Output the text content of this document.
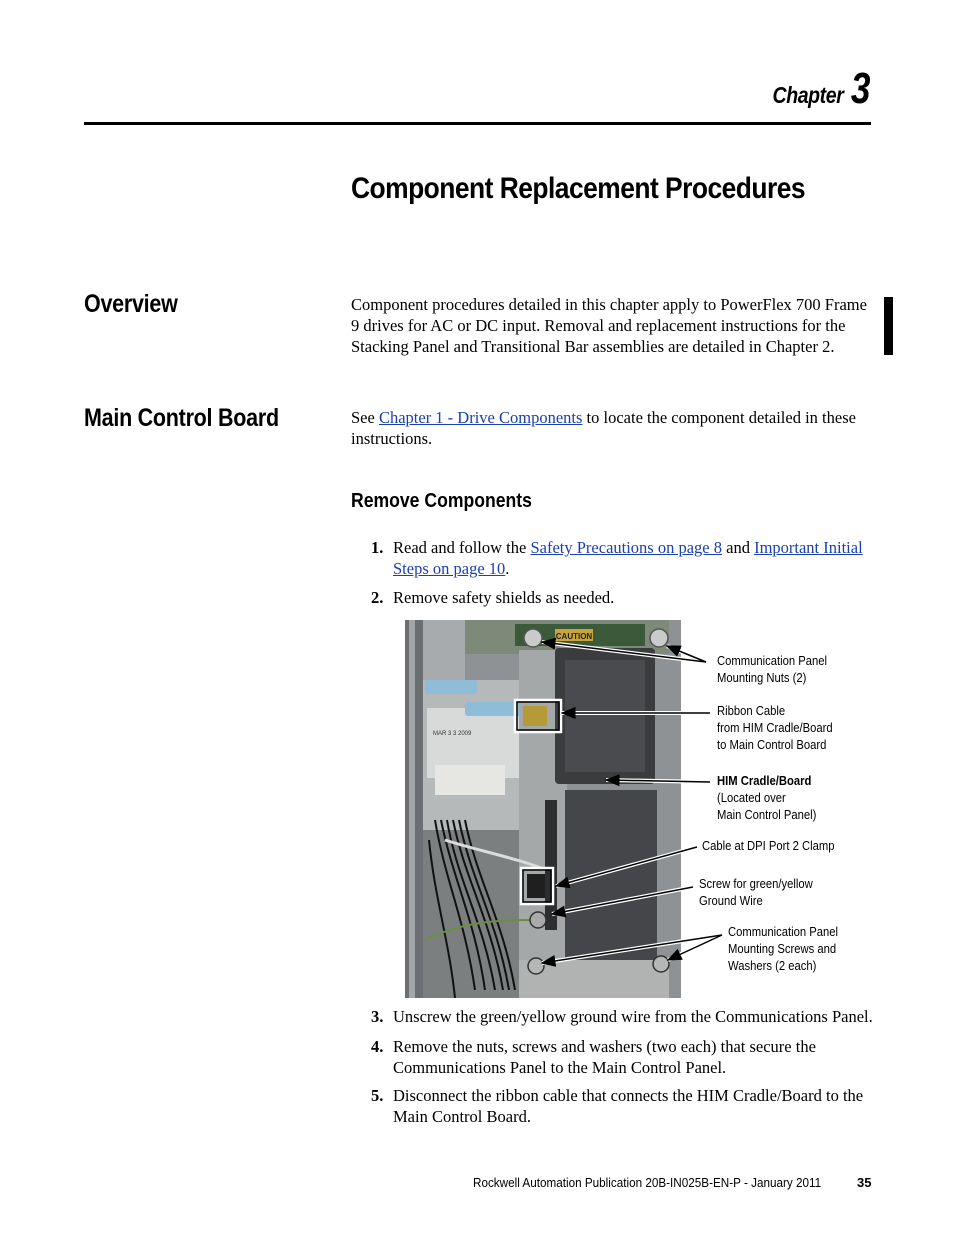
Chapter 3
Component Replacement Procedures
Overview	Component procedures detailed in this chapter apply to PowerFlex 700 Frame 9 drives for AC or DC input. Removal and replacement instructions for the Stacking Panel and Transitional Bar assemblies are detailed in Chapter 2.
Main Control Board	See Chapter 1 - Drive Components to locate the component detailed in these instructions.
Remove Components
1. Read and follow the Safety Precautions on page 8 and Important Initial Steps on page 10.
2. Remove safety shields as needed.
CAUTION
MAR 3 3 2009
Communication Panel
Mounting Nuts (2)
Ribbon Cable
from HIM Cradle/Board
to Main Control Board
HIM Cradle/Board
(Located over
Main Control Panel)
Cable at DPI Port 2 Clamp
Screw for green/yellow
Ground Wire
Communication Panel
Mounting Screws and
Washers (2 each)
3. Unscrew the green/yellow ground wire from the Communications Panel.
4. Remove the nuts, screws and washers (two each) that secure the Communications Panel to the Main Control Panel.
5. Disconnect the ribbon cable that connects the HIM Cradle/Board to the Main Control Board.
Rockwell Automation Publication 20B-IN025B-EN-P - January 2011	35
